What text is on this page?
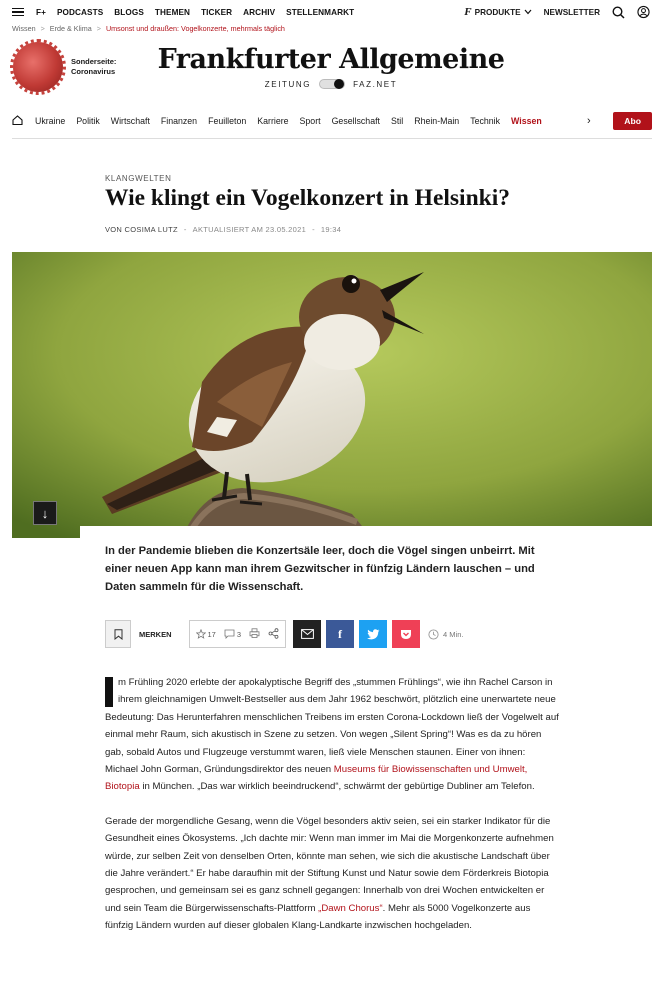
F+ PODCASTS BLOGS THEMEN TICKER ARCHIV STELLENMARKT	F PRODUKTE	NEWSLETTER
Wissen > Erde & Klima > Umsonst und draußen: Vogelkonzerte, mehrmals täglich
Sonderseite:
Coronavirus	Frankfurter Allgemeine
ZEITUNG	FAZ.NET
Ukraine Politik Wirtschaft Finanzen Feuilleton Karriere Sport Gesellschaft Stil Rhein-Main Technik Wissen	›	Abo
KLANGWELTEN
Wie klingt ein Vogelkonzert in Helsinki?
VON COSIMA LUTZ - AKTUALISIERT AM 23.05.2021 - 19:34
↓

In der Pandemie blieben die Konzertsäle leer, doch die Vögel singen unbeirrt. Mit einer neuen App kann man ihrem Gezwitscher in fünfzig Ländern lauschen – und Daten sammeln für die Wissenschaft.

MERKEN	17	3	f	4 Min.

m Frühling 2020 erlebte der apokalyptische Begriff des „stummen Frühlings“, wie ihn Rachel Carson in ihrem gleichnamigen Umwelt-Bestseller aus dem Jahr 1962 beschwört, plötzlich eine unerwartete neue Bedeutung: Das Herunterfahren menschlichen Treibens im ersten Corona-Lockdown ließ der Vogelwelt auf einmal mehr Raum, sich akustisch in Szene zu setzen. Von wegen „Silent Spring“! Was es da zu hören gab, sobald Autos und Flugzeuge verstummt waren, ließ viele Menschen staunen. Einer von ihnen: Michael John Gorman, Gründungsdirektor des neuen Museums für Biowissenschaften und Umwelt, Biotopia in München. „Das war wirklich beeindruckend“, schwärmt der gebürtige Dubliner am Telefon.

Gerade der morgendliche Gesang, wenn die Vögel besonders aktiv seien, sei ein starker Indikator für die Gesundheit eines Ökosystems. „Ich dachte mir: Wenn man immer im Mai die Morgenkonzerte aufnehmen würde, zur selben Zeit von denselben Orten, könnte man sehen, wie sich die akustische Landschaft über die Jahre verändert.“ Er habe daraufhin mit der Stiftung Kunst und Natur sowie dem Förderkreis Biotopia gesprochen, und gemeinsam sei es ganz schnell gegangen: Innerhalb von drei Wochen entwickelten er und sein Team die Bürgerwissenschafts-Plattform „Dawn Chorus“. Mehr als 5000 Vogelkonzerte aus fünfzig Ländern wurden auf dieser globalen Klang-Landkarte inzwischen hochgeladen.
